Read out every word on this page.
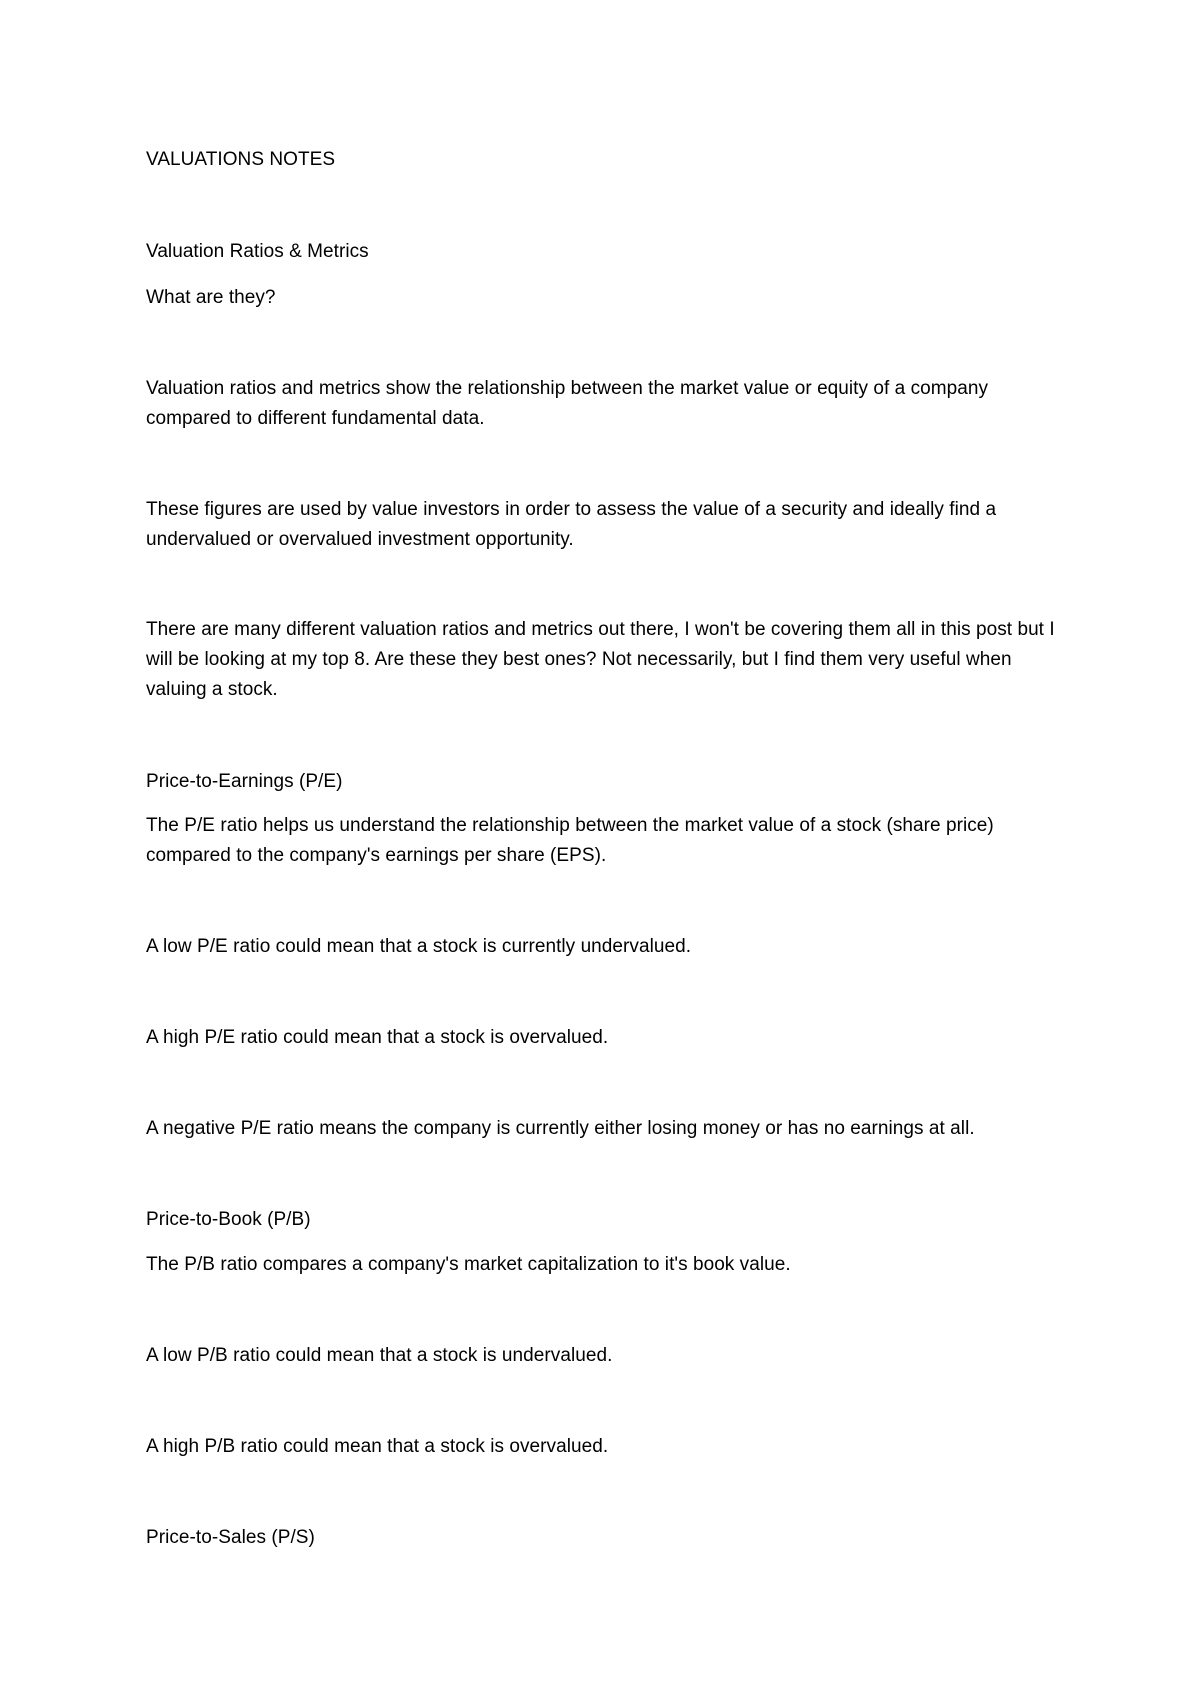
VALUATIONS NOTES
Valuation Ratios & Metrics
What are they?
Valuation ratios and metrics show the relationship between the market value or equity of a company compared to different fundamental data.
These figures are used by value investors in order to assess the value of a security and ideally find a undervalued or overvalued investment opportunity.
There are many different valuation ratios and metrics out there, I won't be covering them all in this post but I will be looking at my top 8. Are these they best ones? Not necessarily, but I find them very useful when valuing a stock.
Price-to-Earnings (P/E)
The P/E ratio helps us understand the relationship between the market value of a stock (share price) compared to the company's earnings per share (EPS).
A low P/E ratio could mean that a stock is currently undervalued.
A high P/E ratio could mean that a stock is overvalued.
A negative P/E ratio means the company is currently either losing money or has no earnings at all.
Price-to-Book (P/B)
The P/B ratio compares a company's market capitalization to it's book value.
A low P/B ratio could mean that a stock is undervalued.
A high P/B ratio could mean that a stock is overvalued.
Price-to-Sales (P/S)
